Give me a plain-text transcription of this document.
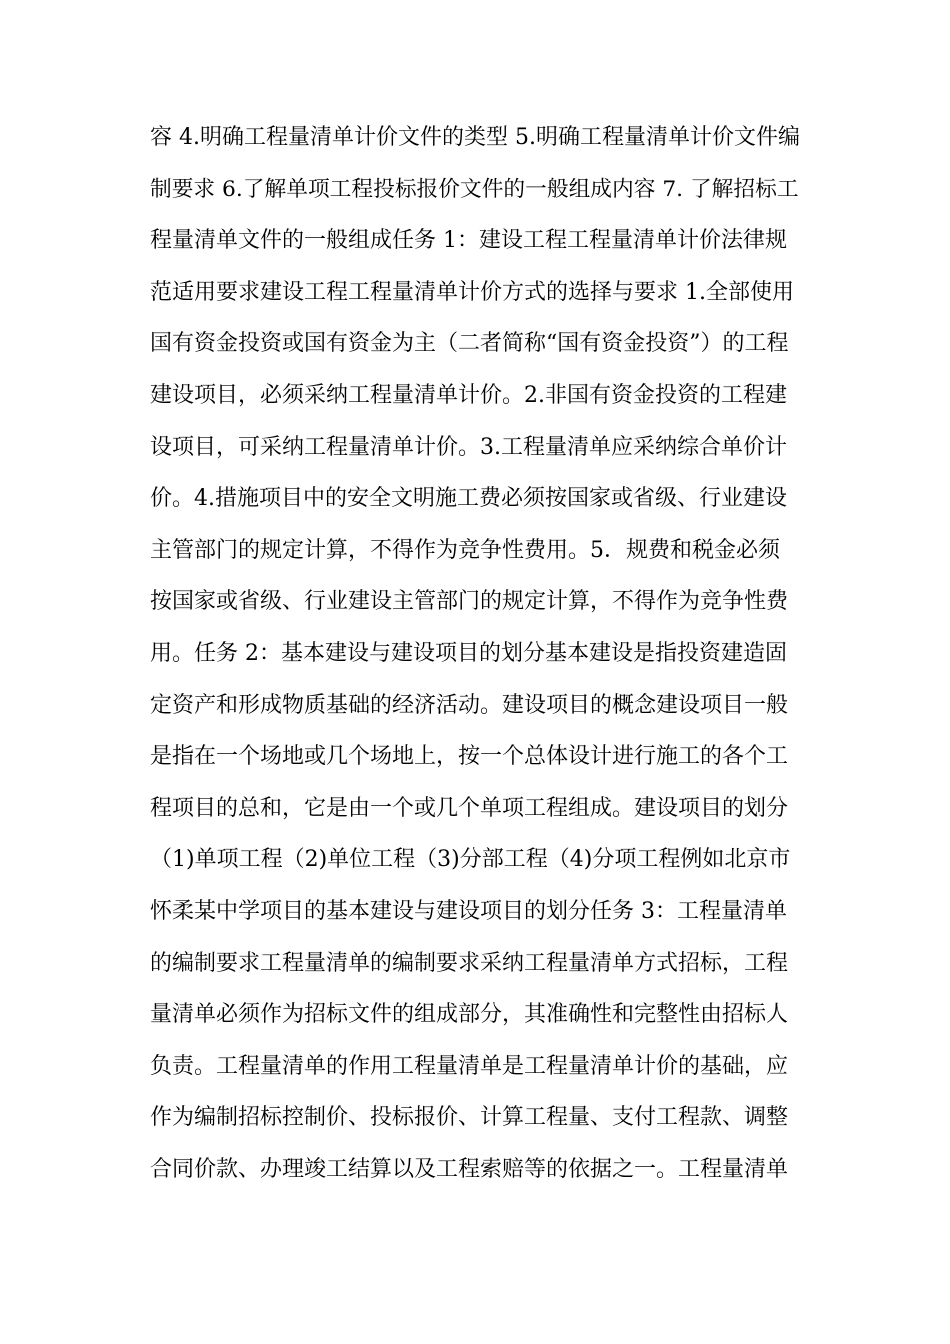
容 4.明确工程量清单计价文件的类型 5.明确工程量清单计价文件编
制要求 6.了解单项工程投标报价文件的一般组成内容 7. 了解招标工
程量清单文件的一般组成任务 1：建设工程工程量清单计价法律规
范适用要求建设工程工程量清单计价方式的选择与要求 1.全部使用
国有资金投资或国有资金为主（二者简称“国有资金投资”）的工程
建设项目，必须采纳工程量清单计价。2.非国有资金投资的工程建
设项目，可采纳工程量清单计价。3.工程量清单应采纳综合单价计
价。4.措施项目中的安全文明施工费必须按国家或省级、行业建设
主管部门的规定计算，不得作为竞争性费用。5．规费和税金必须
按国家或省级、行业建设主管部门的规定计算，不得作为竞争性费
用。任务 2：基本建设与建设项目的划分基本建设是指投资建造固
定资产和形成物质基础的经济活动。建设项目的概念建设项目一般
是指在一个场地或几个场地上，按一个总体设计进行施工的各个工
程项目的总和，它是由一个或几个单项工程组成。建设项目的划分
（1)单项工程（2)单位工程（3)分部工程（4)分项工程例如北京市
怀柔某中学项目的基本建设与建设项目的划分任务 3：工程量清单
的编制要求工程量清单的编制要求采纳工程量清单方式招标，工程
量清单必须作为招标文件的组成部分，其准确性和完整性由招标人
负责。工程量清单的作用工程量清单是工程量清单计价的基础，应
作为编制招标控制价、投标报价、计算工程量、支付工程款、调整
合同价款、办理竣工结算以及工程索赔等的依据之一。工程量清单
